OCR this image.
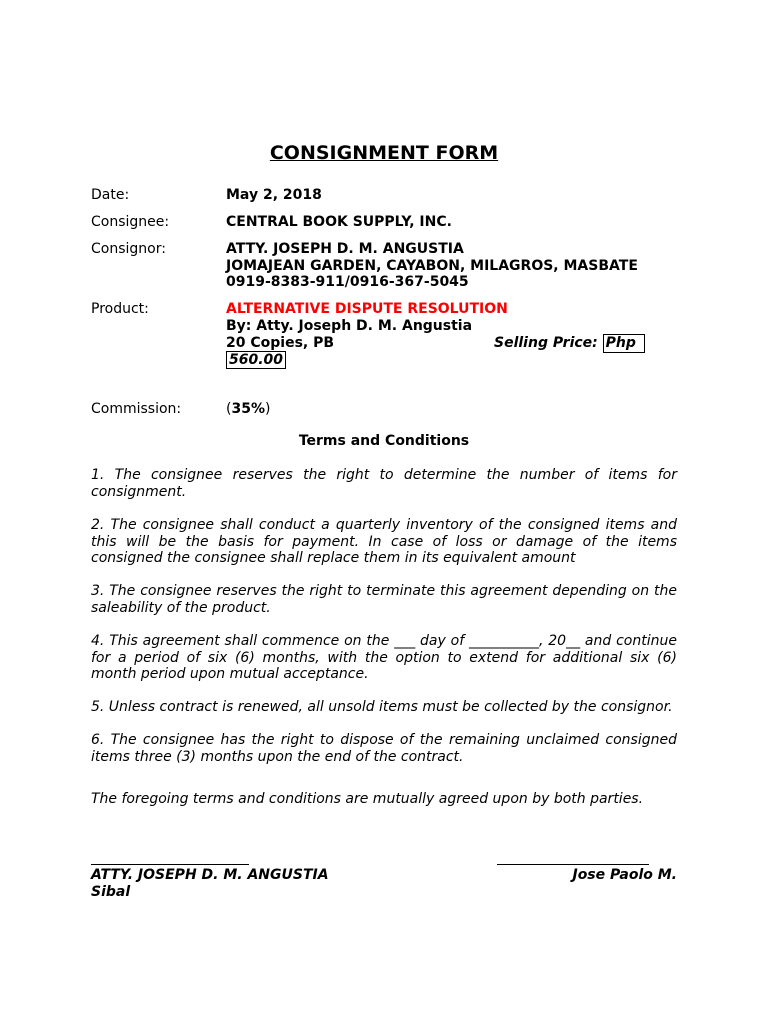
CONSIGNMENT FORM
Date:	May 2, 2018
Consignee:	CENTRAL BOOK SUPPLY, INC.
Consignor:	ATTY. JOSEPH D. M. ANGUSTIA
JOMAJEAN GARDEN, CAYABON, MILAGROS, MASBATE
0919-8383-911/0916-367-5045
Product:	ALTERNATIVE DISPUTE RESOLUTION
By: Atty. Joseph D. M. Angustia
20 Copies, PB	Selling Price: Php
560.00
Commission:	(35%)
Terms and Conditions
1. The consignee reserves the right to determine the number of items for consignment.
2. The consignee shall conduct a quarterly inventory of the consigned items and this will be the basis for payment. In case of loss or damage of the items consigned the consignee shall replace them in its equivalent amount
3. The consignee reserves the right to terminate this agreement depending on the saleability of the product.
4. This agreement shall commence on the ___ day of __________, 20__ and continue for a period of six (6) months, with the option to extend for additional six (6) month period upon mutual acceptance.
5. Unless contract is renewed, all unsold items must be collected by the consignor.
6. The consignee has the right to dispose of the remaining unclaimed consigned items three (3) months upon the end of the contract.
The foregoing terms and conditions are mutually agreed upon by both parties.
Jose Paolo M.
ATTY. JOSEPH D. M. ANGUSTIA
Sibal
